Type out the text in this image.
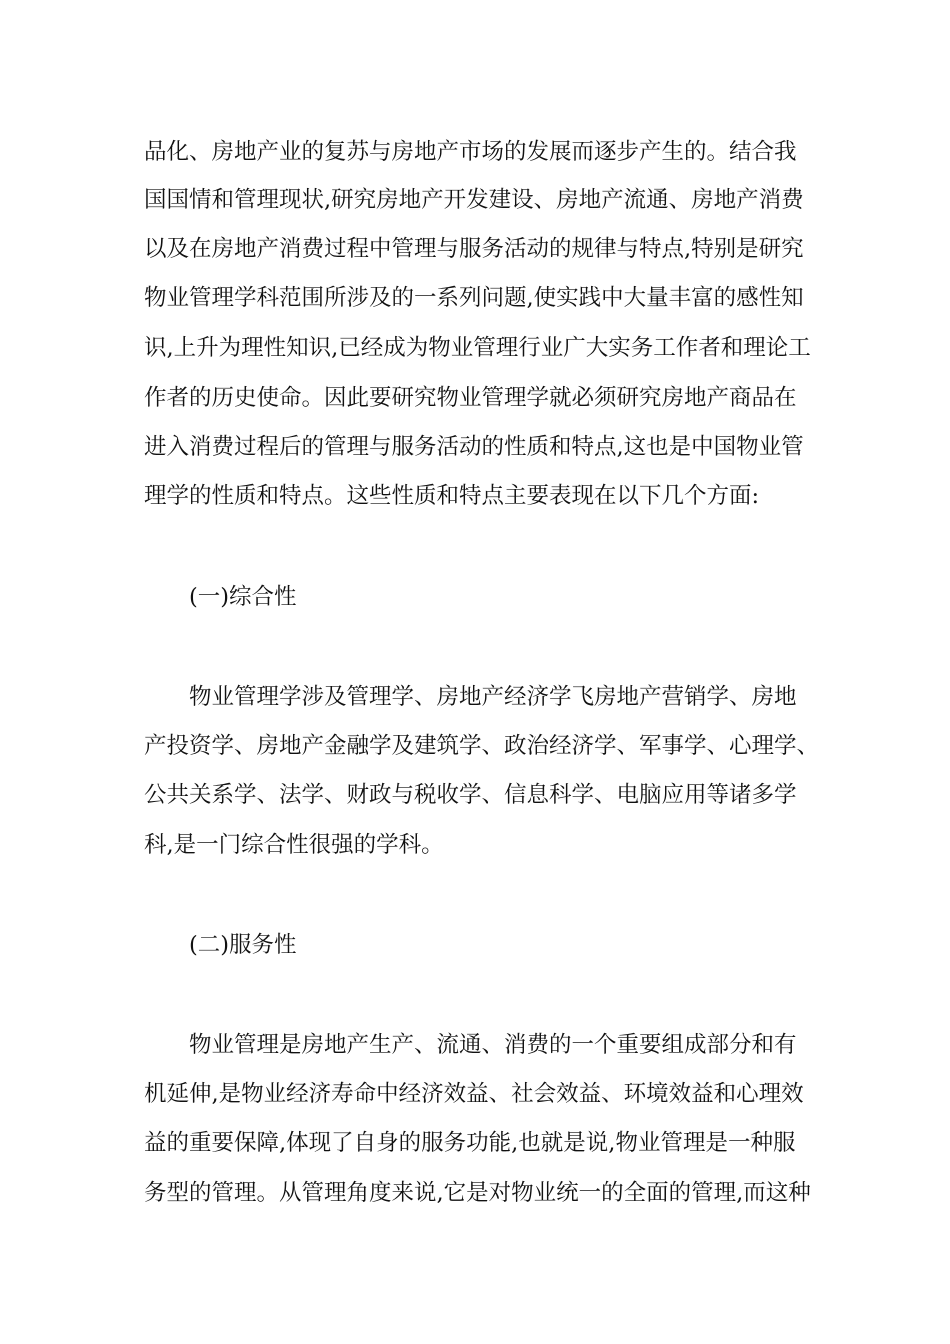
品化、房地产业的复苏与房地产市场的发展而逐步产生的。结合我

国国情和管理现状,研究房地产开发建设、房地产流通、房地产消费

以及在房地产消费过程中管理与服务活动的规律与特点,特别是研究

物业管理学科范围所涉及的一系列问题,使实践中大量丰富的感性知

识,上升为理性知识,已经成为物业管理行业广大实务工作者和理论工

作者的历史使命。因此要研究物业管理学就必须研究房地产商品在

进入消费过程后的管理与服务活动的性质和特点,这也是中国物业管

理学的性质和特点。这些性质和特点主要表现在以下几个方面:

(一)综合性

物业管理学涉及管理学、房地产经济学飞房地产营销学、房地

产投资学、房地产金融学及建筑学、政治经济学、军事学、心理学、

公共关系学、法学、财政与税收学、信息科学、电脑应用等诸多学

科,是一门综合性很强的学科。

(二)服务性

物业管理是房地产生产、流通、消费的一个重要组成部分和有

机延伸,是物业经济寿命中经济效益、社会效益、环境效益和心理效

益的重要保障,体现了自身的服务功能,也就是说,物业管理是一种服

务型的管理。从管理角度来说,它是对物业统一的全面的管理,而这种
